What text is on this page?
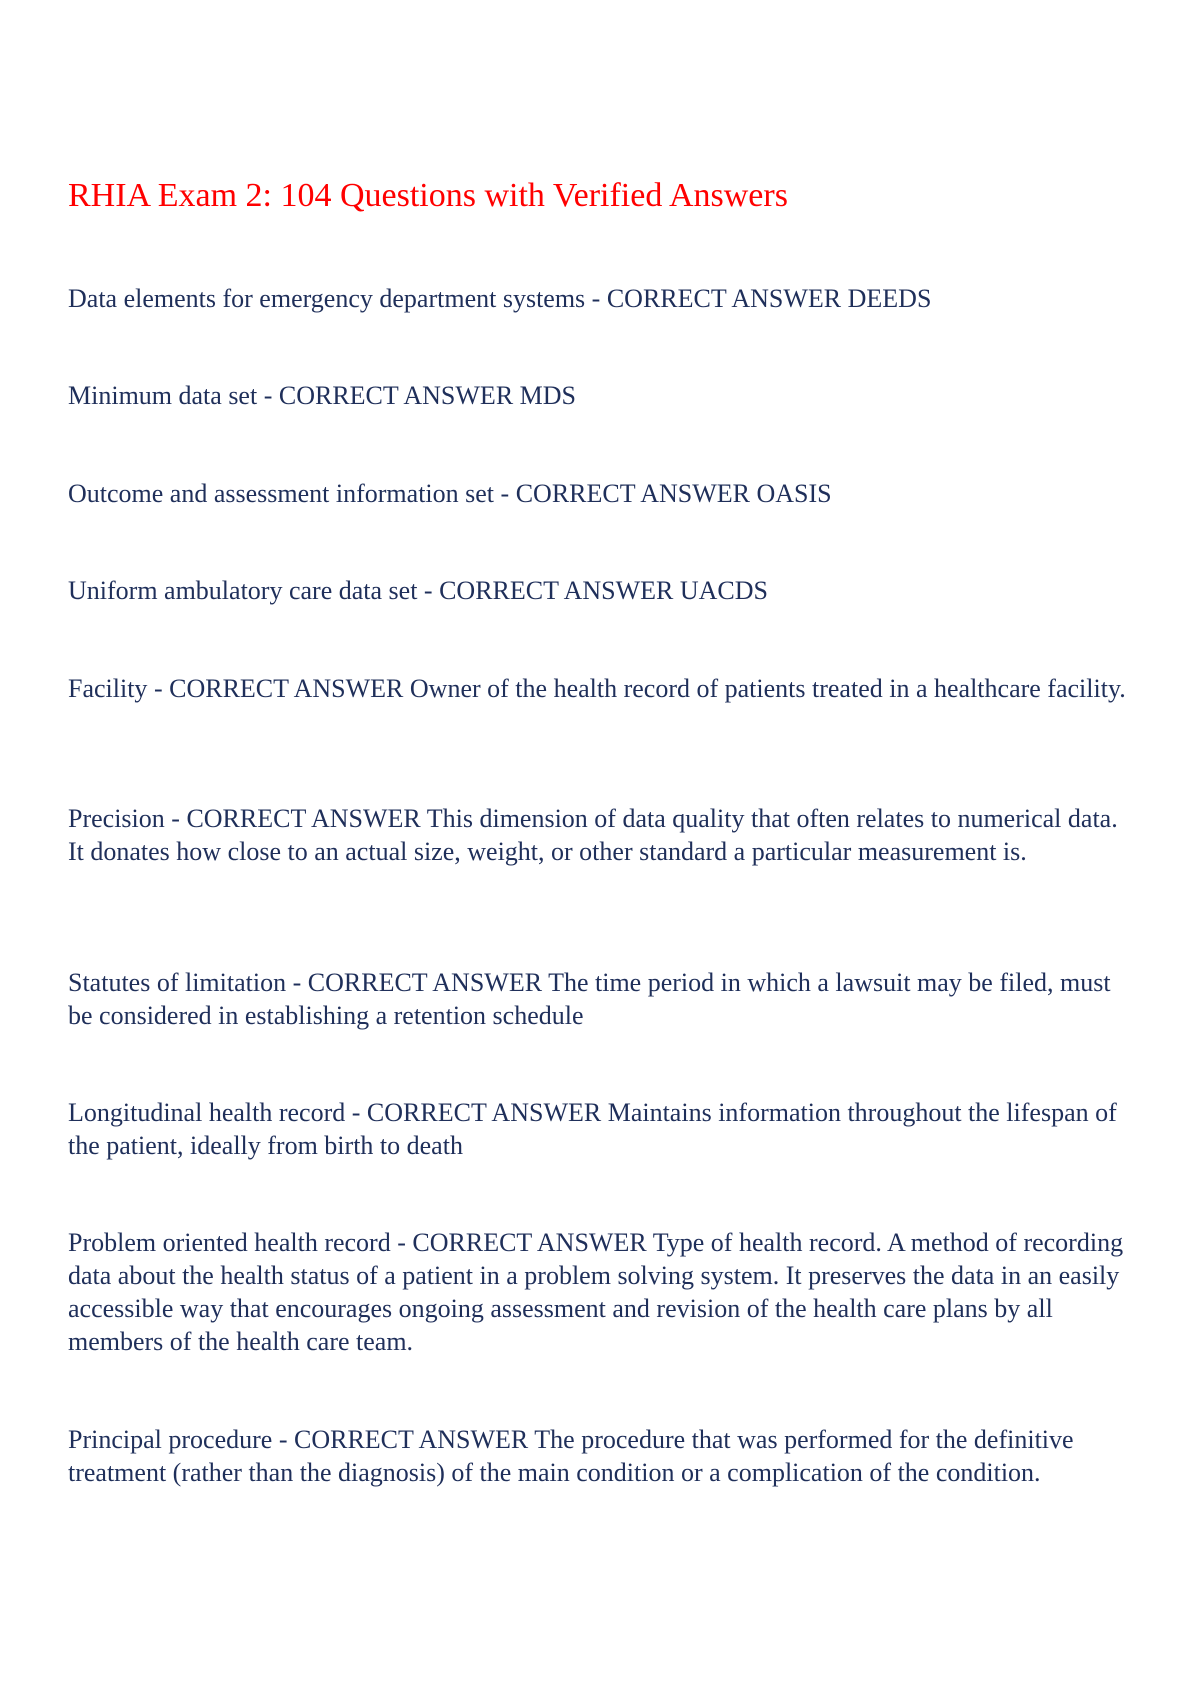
RHIA Exam 2: 104 Questions with Verified Answers

Data elements for emergency department systems - CORRECT ANSWER DEEDS

Minimum data set - CORRECT ANSWER MDS

Outcome and assessment information set - CORRECT ANSWER OASIS

Uniform ambulatory care data set - CORRECT ANSWER UACDS

Facility - CORRECT ANSWER Owner of the health record of patients treated in a healthcare facility.

Precision - CORRECT ANSWER This dimension of data quality that often relates to numerical data. It donates how close to an actual size, weight, or other standard a particular measurement is.

Statutes of limitation - CORRECT ANSWER The time period in which a lawsuit may be filed, must be considered in establishing a retention schedule

Longitudinal health record - CORRECT ANSWER Maintains information throughout the lifespan of the patient, ideally from birth to death

Problem oriented health record - CORRECT ANSWER Type of health record. A method of recording data about the health status of a patient in a problem solving system. It preserves the data in an easily accessible way that encourages ongoing assessment and revision of the health care plans by all members of the health care team.

Principal procedure - CORRECT ANSWER The procedure that was performed for the definitive treatment (rather than the diagnosis) of the main condition or a complication of the condition.
